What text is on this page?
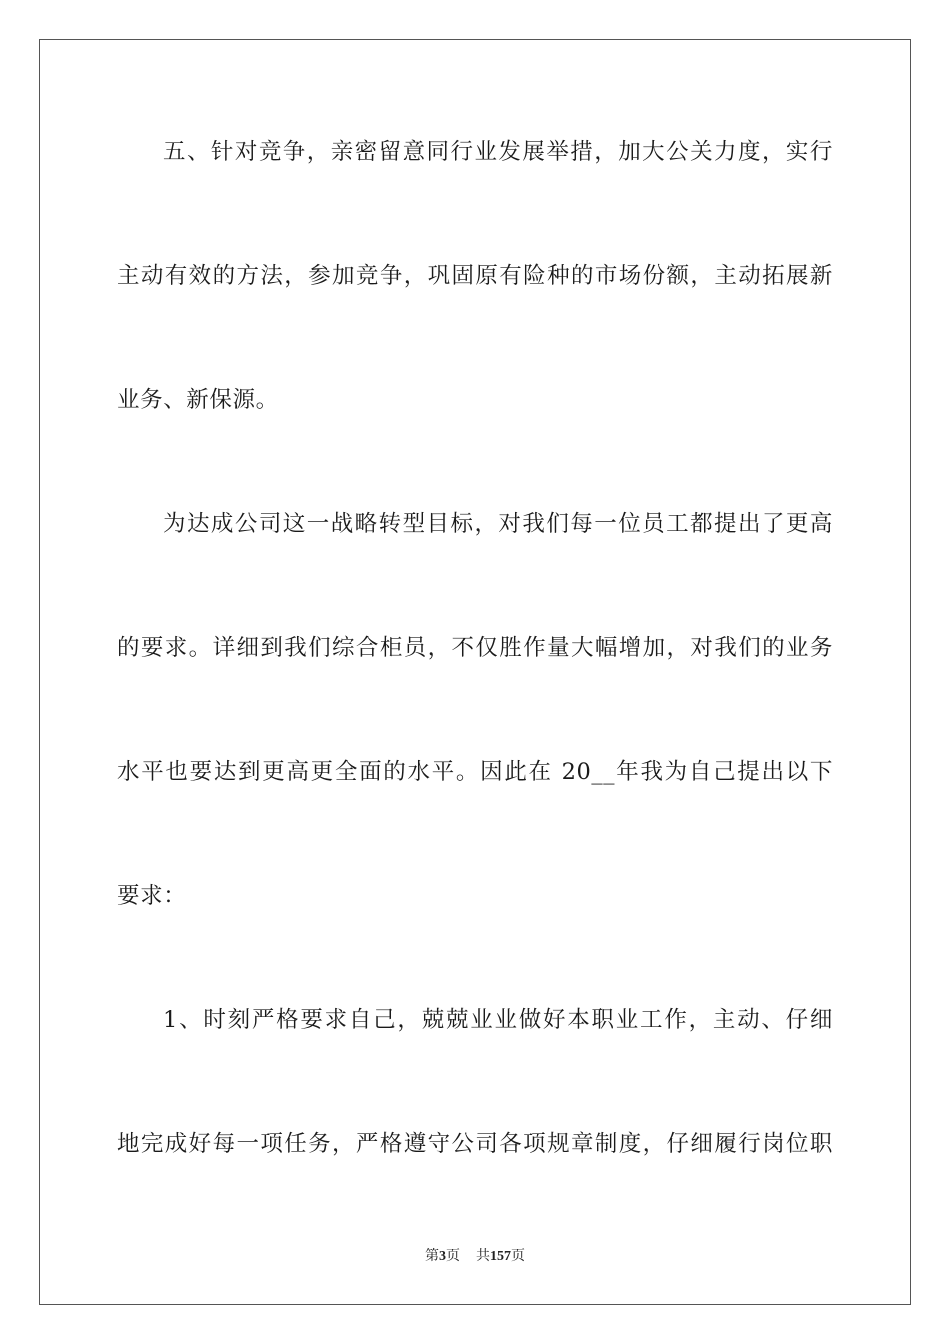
五、针对竞争，亲密留意同行业发展举措，加大公关力度，实行
主动有效的方法，参加竞争，巩固原有险种的市场份额，主动拓展新
业务、新保源。
为达成公司这一战略转型目标，对我们每一位员工都提出了更高
的要求。详细到我们综合柜员，不仅胜作量大幅增加，对我们的业务
水平也要达到更高更全面的水平。因此在 20__年我为自己提出以下
要求：
1、时刻严格要求自己，兢兢业业做好本职业工作，主动、仔细
地完成好每一项任务，严格遵守公司各项规章制度，仔细履行岗位职
第3页 共157页
